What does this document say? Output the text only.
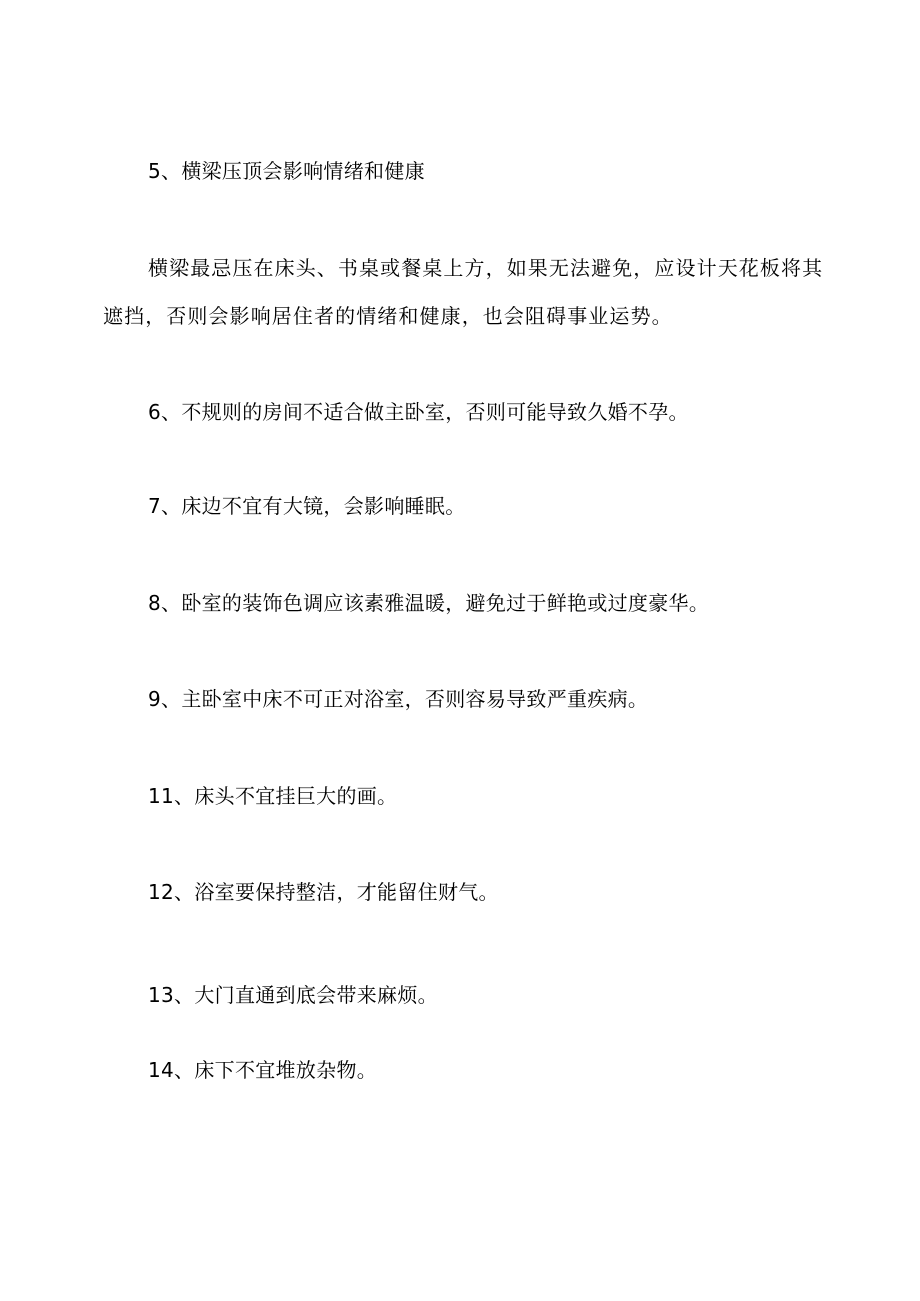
5、横梁压顶会影响情绪和健康
横梁最忌压在床头、书桌或餐桌上方，如果无法避免，应设计天花板将其遮挡，否则会影响居住者的情绪和健康，也会阻碍事业运势。
6、不规则的房间不适合做主卧室，否则可能导致久婚不孕。
7、床边不宜有大镜，会影响睡眠。
8、卧室的装饰色调应该素雅温暖，避免过于鲜艳或过度豪华。
9、主卧室中床不可正对浴室，否则容易导致严重疾病。
11、床头不宜挂巨大的画。
12、浴室要保持整洁，才能留住财气。
13、大门直通到底会带来麻烦。
14、床下不宜堆放杂物。
